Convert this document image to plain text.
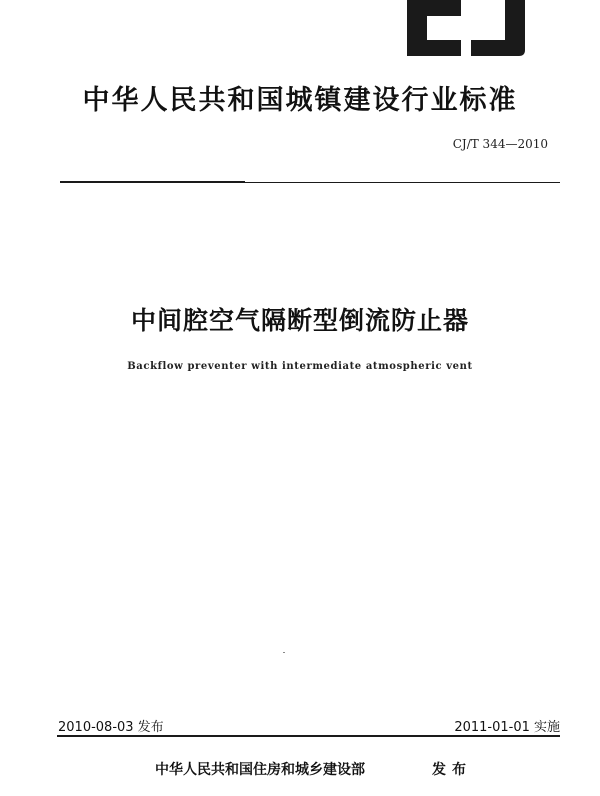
中华人民共和国城镇建设行业标准
CJ/T 344—2010
中间腔空气隔断型倒流防止器
Backflow preventer with intermediate atmospheric vent
2010-08-03 发布	2011-01-01 实施
中华人民共和国住房和城乡建设部	发布
